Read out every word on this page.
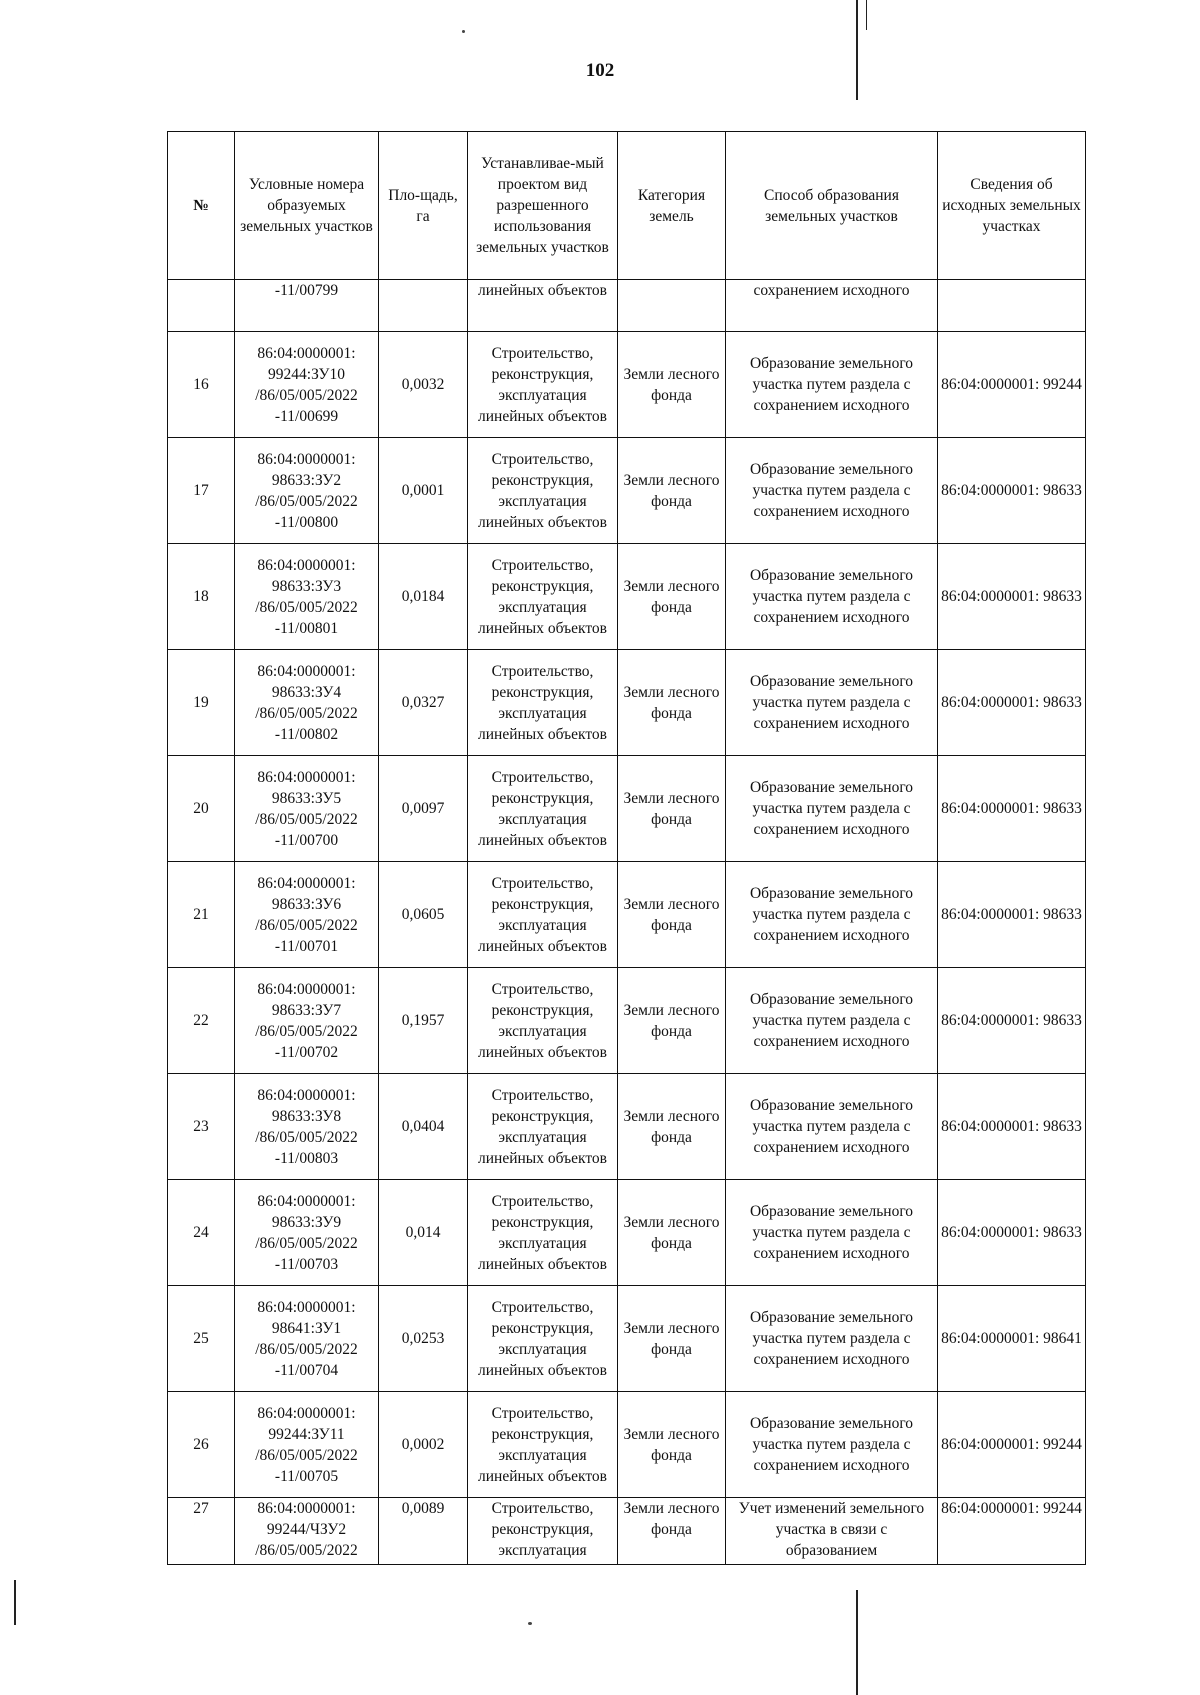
102
№	Условные номера образуемых земельных участков	Пло-щадь, га	Устанавливае-мый проектом вид разрешенного использования земельных участков	Категория земель	Способ образования земельных участков	Сведения об исходных земельных участках
	-11/00799		линейных объектов		сохранением исходного	
16	86:04:0000001: 99244:ЗУ10 /86/05/005/2022 -11/00699	0,0032	Строительство, реконструкция, эксплуатация линейных объектов	Земли лесного фонда	Образование земельного участка путем раздела с сохранением исходного	86:04:0000001: 99244
17	86:04:0000001: 98633:ЗУ2 /86/05/005/2022 -11/00800	0,0001	Строительство, реконструкция, эксплуатация линейных объектов	Земли лесного фонда	Образование земельного участка путем раздела с сохранением исходного	86:04:0000001: 98633
18	86:04:0000001: 98633:ЗУ3 /86/05/005/2022 -11/00801	0,0184	Строительство, реконструкция, эксплуатация линейных объектов	Земли лесного фонда	Образование земельного участка путем раздела с сохранением исходного	86:04:0000001: 98633
19	86:04:0000001: 98633:ЗУ4 /86/05/005/2022 -11/00802	0,0327	Строительство, реконструкция, эксплуатация линейных объектов	Земли лесного фонда	Образование земельного участка путем раздела с сохранением исходного	86:04:0000001: 98633
20	86:04:0000001: 98633:ЗУ5 /86/05/005/2022 -11/00700	0,0097	Строительство, реконструкция, эксплуатация линейных объектов	Земли лесного фонда	Образование земельного участка путем раздела с сохранением исходного	86:04:0000001: 98633
21	86:04:0000001: 98633:ЗУ6 /86/05/005/2022 -11/00701	0,0605	Строительство, реконструкция, эксплуатация линейных объектов	Земли лесного фонда	Образование земельного участка путем раздела с сохранением исходного	86:04:0000001: 98633
22	86:04:0000001: 98633:ЗУ7 /86/05/005/2022 -11/00702	0,1957	Строительство, реконструкция, эксплуатация линейных объектов	Земли лесного фонда	Образование земельного участка путем раздела с сохранением исходного	86:04:0000001: 98633
23	86:04:0000001: 98633:ЗУ8 /86/05/005/2022 -11/00803	0,0404	Строительство, реконструкция, эксплуатация линейных объектов	Земли лесного фонда	Образование земельного участка путем раздела с сохранением исходного	86:04:0000001: 98633
24	86:04:0000001: 98633:ЗУ9 /86/05/005/2022 -11/00703	0,014	Строительство, реконструкция, эксплуатация линейных объектов	Земли лесного фонда	Образование земельного участка путем раздела с сохранением исходного	86:04:0000001: 98633
25	86:04:0000001: 98641:ЗУ1 /86/05/005/2022 -11/00704	0,0253	Строительство, реконструкция, эксплуатация линейных объектов	Земли лесного фонда	Образование земельного участка путем раздела с сохранением исходного	86:04:0000001: 98641
26	86:04:0000001: 99244:ЗУ11 /86/05/005/2022 -11/00705	0,0002	Строительство, реконструкция, эксплуатация линейных объектов	Земли лесного фонда	Образование земельного участка путем раздела с сохранением исходного	86:04:0000001: 99244
27	86:04:0000001: 99244/ЧЗУ2 /86/05/005/2022	0,0089	Строительство, реконструкция, эксплуатация	Земли лесного фонда	Учет изменений земельного участка в связи с образованием	86:04:0000001: 99244
